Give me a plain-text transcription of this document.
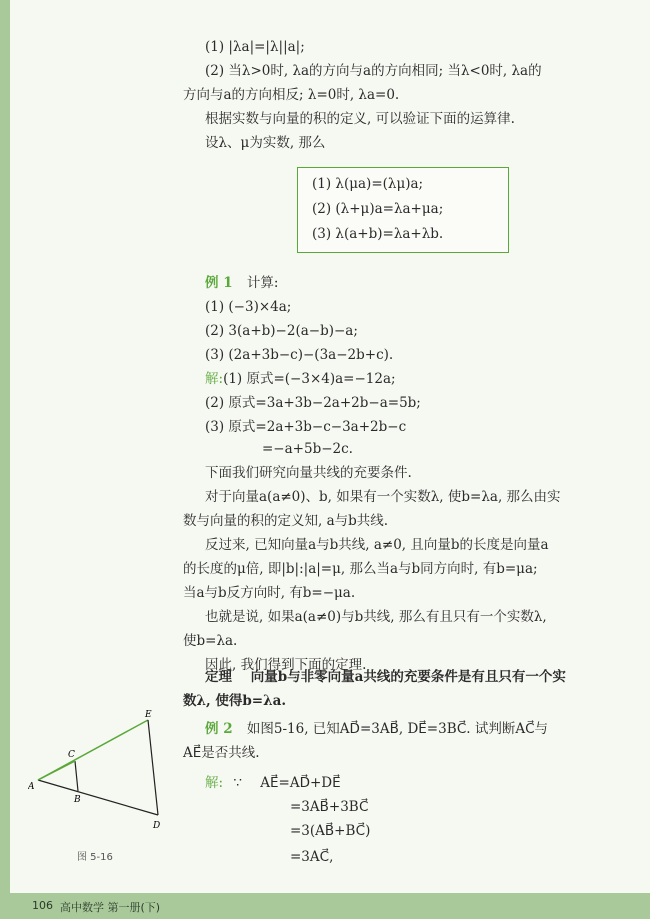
(1) |λa|=|λ||a|;
(2) 当λ>0时, λa的方向与a的方向相同; 当λ<0时, λa的
方向与a的方向相反; λ=0时, λa=0.
根据实数与向量的积的定义, 可以验证下面的运算律.
设λ、μ为实数, 那么
(1) λ(μa)=(λμ)a;
(2) (λ+μ)a=λa+μa;
(3) λ(a+b)=λa+λb.
例 1 计算:
(1) (−3)×4a;
(2) 3(a+b)−2(a−b)−a;
(3) (2a+3b−c)−(3a−2b+c).
解:(1) 原式=(−3×4)a=−12a;
(2) 原式=3a+3b−2a+2b−a=5b;
(3) 原式=2a+3b−c−3a+2b−c
=−a+5b−2c.
下面我们研究向量共线的充要条件.
对于向量a(a≠0)、b, 如果有一个实数λ, 使b=λa, 那么由实
数与向量的积的定义知, a与b共线.
反过来, 已知向量a与b共线, a≠0, 且向量b的长度是向量a
的长度的μ倍, 即|b|:|a|=μ, 那么当a与b同方向时, 有b=μa;
当a与b反方向时, 有b=−μa.
也就是说, 如果a(a≠0)与b共线, 那么有且只有一个实数λ,
使b=λa.
因此, 我们得到下面的定理.
定理 向量b与非零向量a共线的充要条件是有且只有一个实
数λ, 使得b=λa.
例 2 如图5-16, 已知AD⃗=3AB⃗, DE⃗=3BC⃗. 试判断AC⃗与
AE⃗是否共线.
解: ∵ AE⃗=AD⃗+DE⃗
=3AB⃗+3BC⃗
=3(AB⃗+BC⃗)
=3AC⃗,
A
B
C
D
E
图 5-16
106 高中数学 第一册(下)
